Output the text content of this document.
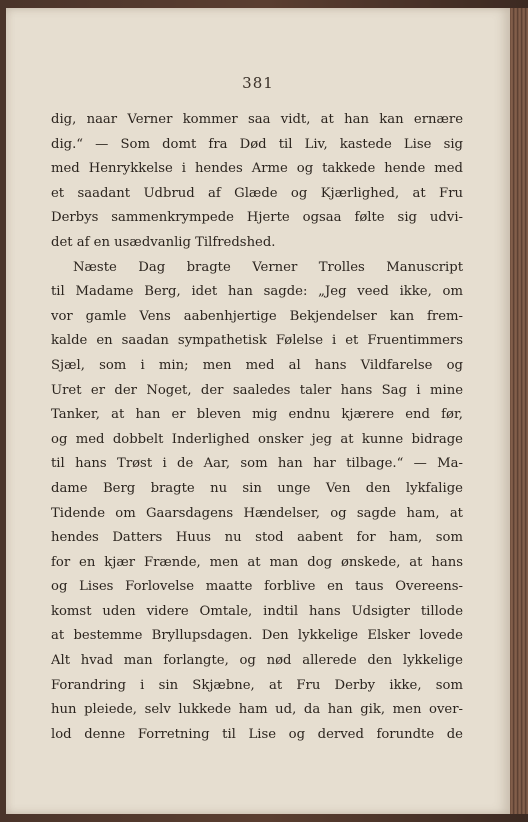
381
dig, naar Verner kommer saa vidt, at han kan ernære
dig.“ — Som domt fra Død til Liv, kastede Lise sig
med Henrykkelse i hendes Arme og takkede hende med
et saadant Udbrud af Glæde og Kjærlighed, at Fru
Derbys sammenkrympede Hjerte ogsaa følte sig udvi-
det af en usædvanlig Tilfredshed.
Næste Dag bragte Verner Trolles Manuscript
til Madame Berg, idet han sagde: „Jeg veed ikke, om
vor gamle Vens aabenhjertige Bekjendelser kan frem-
kalde en saadan sympathetisk Følelse i et Fruentimmers
Sjæl, som i min; men med al hans Vildfarelse og
Uret er der Noget, der saaledes taler hans Sag i mine
Tanker, at han er bleven mig endnu kjærere end før,
og med dobbelt Inderlighed onsker jeg at kunne bidrage
til hans Trøst i de Aar, som han har tilbage.“ — Ma-
dame Berg bragte nu sin unge Ven den lykfalige
Tidende om Gaarsdagens Hændelser, og sagde ham, at
hendes Datters Huus nu stod aabent for ham, som
for en kjær Frænde, men at man dog ønskede, at hans
og Lises Forlovelse maatte forblive en taus Overeens-
komst uden videre Omtale, indtil hans Udsigter tillode
at bestemme Bryllupsdagen. Den lykkelige Elsker lovede
Alt hvad man forlangte, og nød allerede den lykkelige
Forandring i sin Skjæbne, at Fru Derby ikke, som
hun pleiede, selv lukkede ham ud, da han gik, men over-
lod denne Forretning til Lise og derved forundte de
